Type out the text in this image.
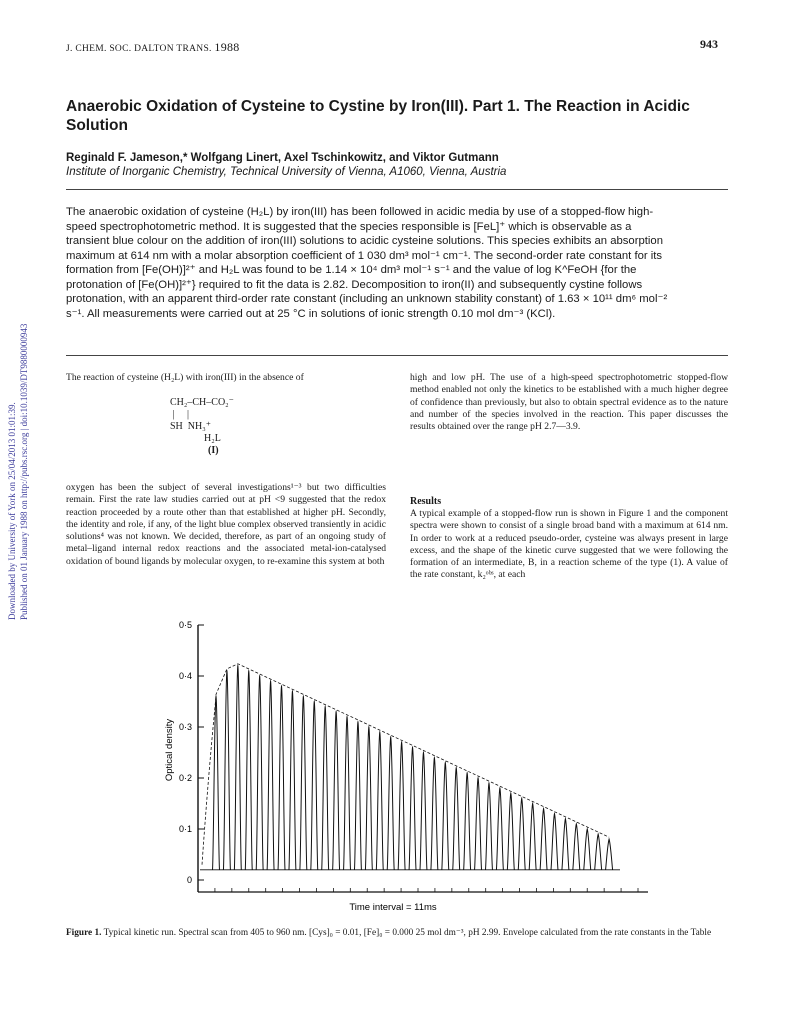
J. CHEM. SOC. DALTON TRANS. 1988	943
Downloaded by University of York on 25/04/2013 01:01:39. Published on 01 January 1988 on http://pubs.rsc.org | doi:10.1039/DT9880000943
Anaerobic Oxidation of Cysteine to Cystine by Iron(III). Part 1. The Reaction in Acidic Solution
Reginald F. Jameson,* Wolfgang Linert, Axel Tschinkowitz, and Viktor Gutmann
Institute of Inorganic Chemistry, Technical University of Vienna, A1060, Vienna, Austria

The anaerobic oxidation of cysteine (H₂L) by iron(III) has been followed in acidic media by use of a stopped-flow high-speed spectrophotometric method. It is suggested that the species responsible is [FeL]⁺ which is observable as a transient blue colour on the addition of iron(III) solutions to acidic cysteine solutions. This species exhibits an absorption maximum at 614 nm with a molar absorption coefficient of 1 030 dm³ mol⁻¹ cm⁻¹. The second-order rate constant for its formation from [Fe(OH)]²⁺ and H₂L was found to be 1.14 × 10⁴ dm³ mol⁻¹ s⁻¹ and the value of log K^FeOH {for the protonation of [Fe(OH)]²⁺} required to fit the data is 2.82. Decomposition to iron(II) and subsequently cystine follows protonation, with an apparent third-order rate constant (including an unknown stability constant) of 1.63 × 10¹¹ dm⁶ mol⁻² s⁻¹. All measurements were carried out at 25 °C in solutions of ionic strength 0.10 mol dm⁻³ (KCl).

The reaction of cysteine (H₂L) with iron(III) in the absence of

CH₂–CH–CO₂⁻
|     |
SH  NH₃⁺
H₂L
(I)

oxygen has been the subject of several investigations¹⁻³ but two difficulties remain. First the rate law studies carried out at pH <9 suggested that the redox reaction proceeded by a route other than that established at higher pH. Secondly, the identity and role, if any, of the light blue complex observed transiently in acidic solutions⁴ was not known. We decided, therefore, as part of an ongoing study of metal–ligand internal redox reactions and the associated metal-ion-catalysed oxidation of bound ligands by molecular oxygen, to re-examine this system at both

high and low pH. The use of a high-speed spectrophotometric stopped-flow method enabled not only the kinetics to be established with a much higher degree of confidence than previously, but also to obtain spectral evidence as to the nature and number of the species involved in the reaction. This paper discusses the results obtained over the range pH 2.7—3.9.

Results

A typical example of a stopped-flow run is shown in Figure 1 and the component spectra were shown to consist of a single broad band with a maximum at 614 nm. In order to work at a reduced pseudo-order, cysteine was always present in large excess, and the shape of the kinetic curve suggested that we were following the formation of an intermediate, B, in a reaction scheme of the type (1). A value of the rate constant, k₂ᵒᵇˢ, at each

0
0·1
0·2
0·3
0·4
0·5
Optical density
Time interval = 11ms
Figure 1. Typical kinetic run. Spectral scan from 405 to 960 nm. [Cys]₀ = 0.01, [Fe]₀ = 0.000 25 mol dm⁻³, pH 2.99. Envelope calculated from the rate constants in the Table
